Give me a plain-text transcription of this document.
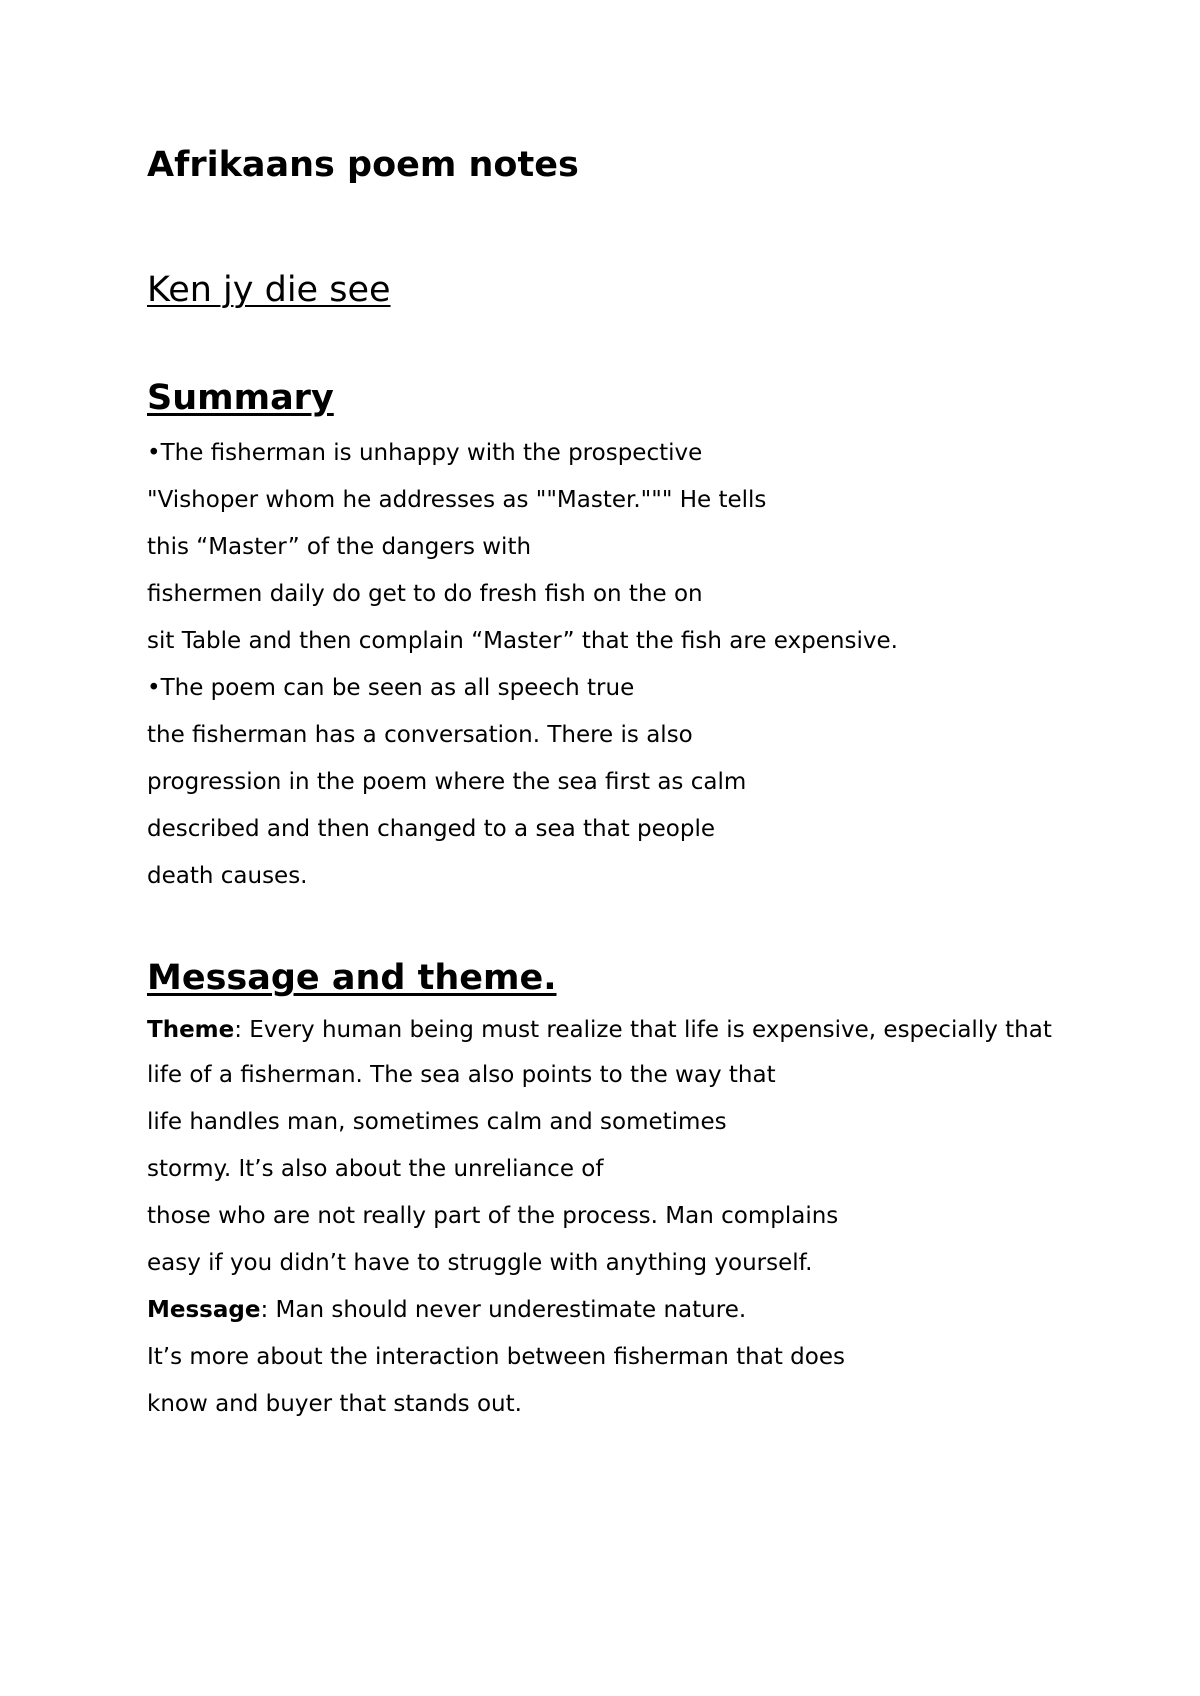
Afrikaans poem notes
Ken jy die see
Summary
•The fisherman is unhappy with the prospective
"Vishoper whom he addresses as ""Master.""" He tells
this “Master” of the dangers with
fishermen daily do get to do fresh fish on the on
sit Table and then complain “Master” that the fish are expensive.
•The poem can be seen as all speech true
the fisherman has a conversation. There is also
progression in the poem where the sea first as calm
described and then changed to a sea that people
death causes.
Message and theme.
Theme: Every human being must realize that life is expensive, especially that
life of a fisherman. The sea also points to the way that
life handles man, sometimes calm and sometimes
stormy. It’s also about the unreliance of
those who are not really part of the process. Man complains
easy if you didn’t have to struggle with anything yourself.
Message: Man should never underestimate nature.
It’s more about the interaction between fisherman that does
know and buyer that stands out.
